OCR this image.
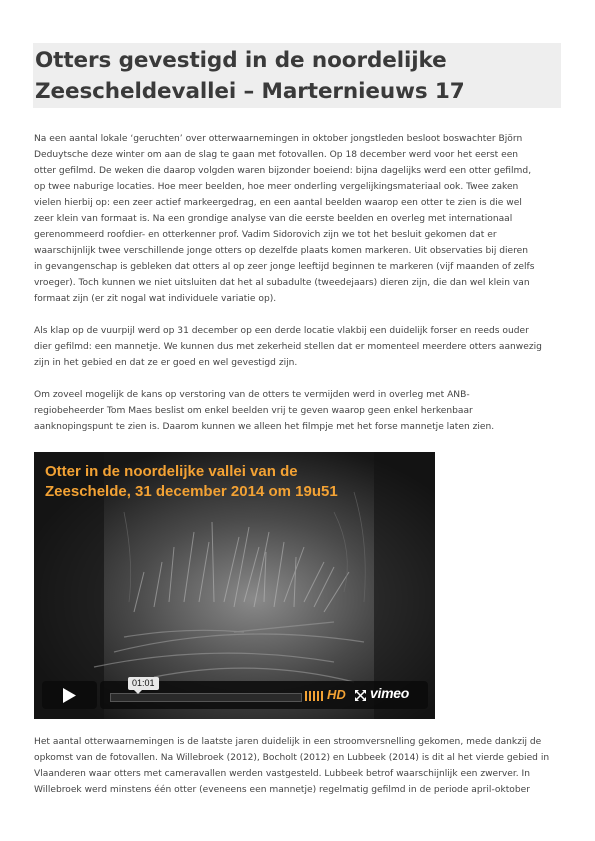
Otters gevestigd in de noordelijke Zeescheldevallei – Marternieuws 17

Na een aantal lokale ‘geruchten’ over otterwaarnemingen in oktober jongstleden besloot boswachter Björn
Deduytsche deze winter om aan de slag te gaan met fotovallen. Op 18 december werd voor het eerst een
otter gefilmd. De weken die daarop volgden waren bijzonder boeiend: bijna dagelijks werd een otter gefilmd,
op twee naburige locaties. Hoe meer beelden, hoe meer onderling vergelijkingsmateriaal ook. Twee zaken
vielen hierbij op: een zeer actief markeergedrag, en een aantal beelden waarop een otter te zien is die wel
zeer klein van formaat is. Na een grondige analyse van die eerste beelden en overleg met internationaal
gerenommeerd roofdier- en otterkenner prof. Vadim Sidorovich zijn we tot het besluit gekomen dat er
waarschijnlijk twee verschillende jonge otters op dezelfde plaats komen markeren. Uit observaties bij dieren
in gevangenschap is gebleken dat otters al op zeer jonge leeftijd beginnen te markeren (vijf maanden of zelfs
vroeger). Toch kunnen we niet uitsluiten dat het al subadulte (tweedejaars) dieren zijn, die dan wel klein van
formaat zijn (er zit nogal wat individuele variatie op).

Als klap op de vuurpijl werd op 31 december op een derde locatie vlakbij een duidelijk forser en reeds ouder
dier gefilmd: een mannetje. We kunnen dus met zekerheid stellen dat er momenteel meerdere otters aanwezig
zijn in het gebied en dat ze er goed en wel gevestigd zijn.

Om zoveel mogelijk de kans op verstoring van de otters te vermijden werd in overleg met ANB-
regiobeheerder Tom Maes beslist om enkel beelden vrij te geven waarop geen enkel herkenbaar
aanknopingspunt te zien is. Daarom kunnen we alleen het filmpje met het forse mannetje laten zien.

Otter in de noordelijke vallei van de
Zeeschelde, 31 december 2014 om 19u51

01:01
HD vimeo

Het aantal otterwaarnemingen is de laatste jaren duidelijk in een stroomversnelling gekomen, mede dankzij de
opkomst van de fotovallen. Na Willebroek (2012), Bocholt (2012) en Lubbeek (2014) is dit al het vierde gebied in
Vlaanderen waar otters met cameravallen werden vastgesteld. Lubbeek betrof waarschijnlijk een zwerver. In
Willebroek werd minstens één otter (eveneens een mannetje) regelmatig gefilmd in de periode april-oktober
